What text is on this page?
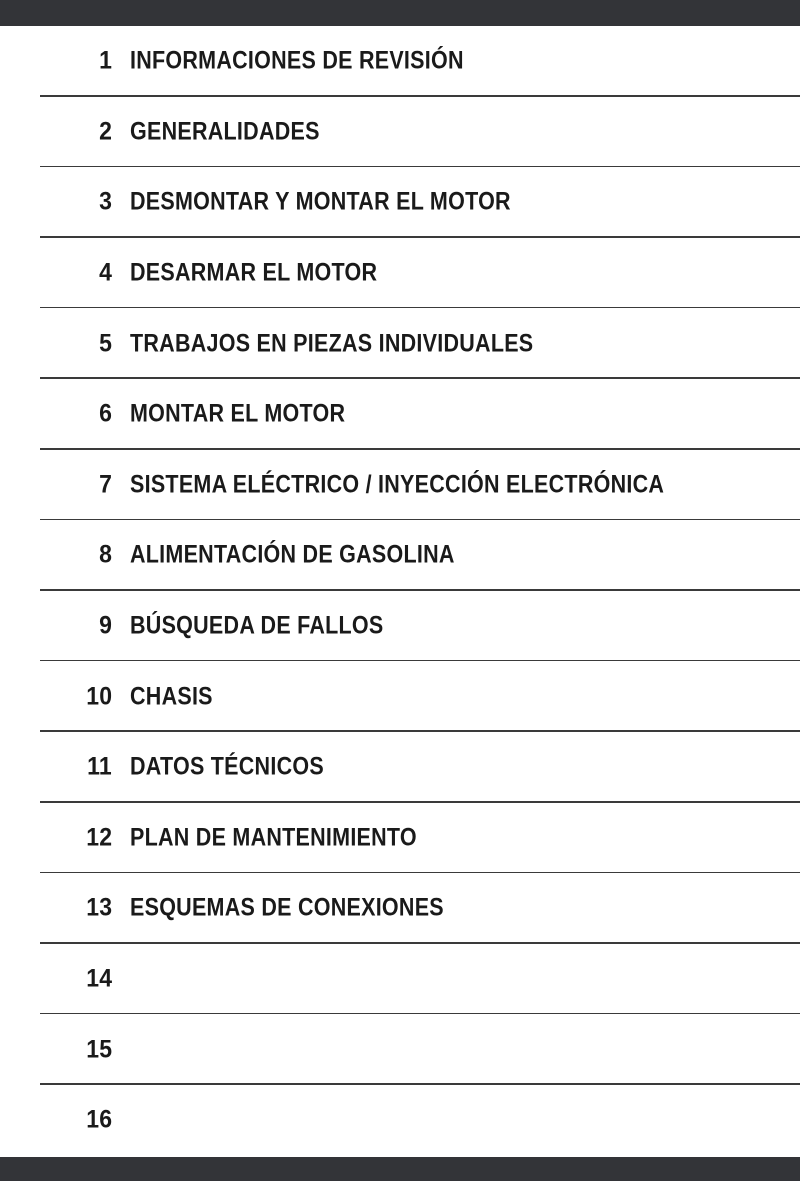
1 INFORMACIONES DE REVISIÓN
2 GENERALIDADES
3 DESMONTAR Y MONTAR EL MOTOR
4 DESARMAR EL MOTOR
5 TRABAJOS EN PIEZAS INDIVIDUALES
6 MONTAR EL MOTOR
7 SISTEMA ELÉCTRICO / INYECCIÓN ELECTRÓNICA
8 ALIMENTACIÓN DE GASOLINA
9 BÚSQUEDA DE FALLOS
10 CHASIS
11 DATOS TÉCNICOS
12 PLAN DE MANTENIMIENTO
13 ESQUEMAS DE CONEXIONES
14
15
16
